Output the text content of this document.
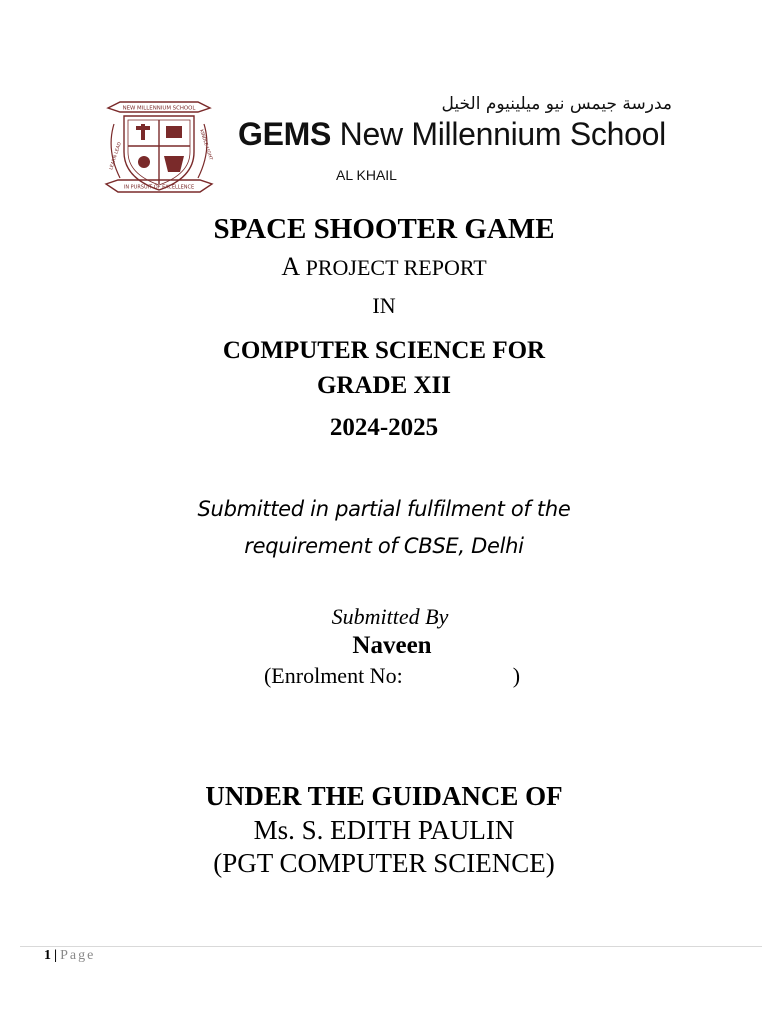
NEW MILLENNIUM SCHOOL
IN PURSUIT OF EXCELLENCE
LEARN LEAD	KINDLE LIGHT
مدرسة جيمس نيو ميلينيوم الخيل
GEMS New Millennium School
AL KHAIL
SPACE SHOOTER GAME
A PROJECT REPORT
IN
COMPUTER SCIENCE FOR
GRADE XII
2024-2025
Submitted in partial fulfilment of the
requirement of CBSE, Delhi
Submitted By
Naveen
(Enrolment No:	)
UNDER THE GUIDANCE OF
Ms. S. EDITH PAULIN
(PGT COMPUTER SCIENCE)
1 | Page
